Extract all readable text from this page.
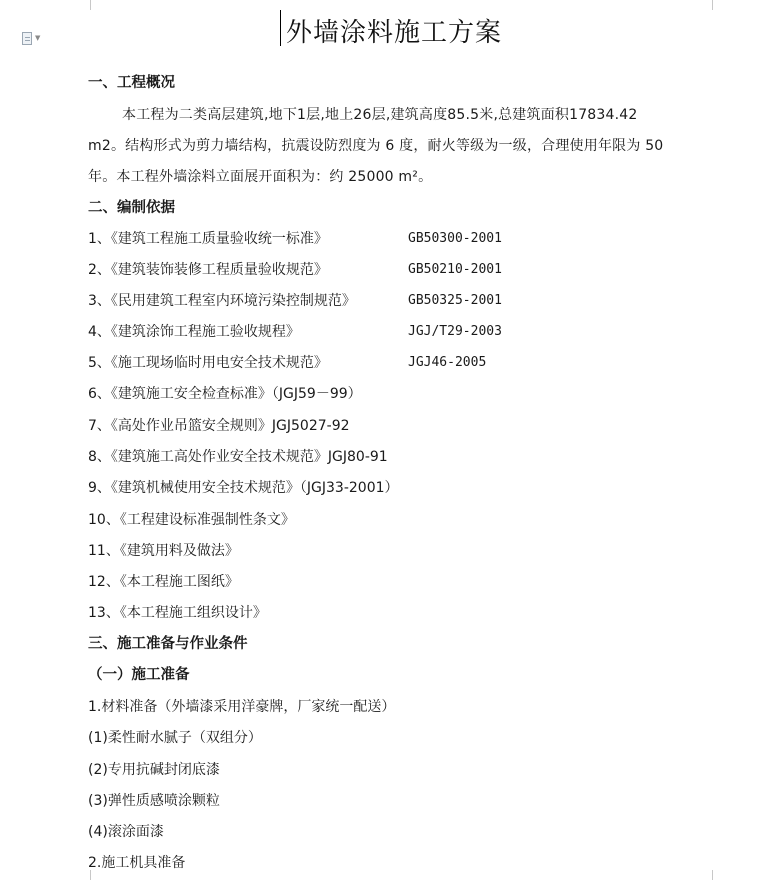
▼	外墙涂料施工方案
一、工程概况
本工程为二类高层建筑,地下1层,地上26层,建筑高度85.5米,总建筑面积17834.42
m2。结构形式为剪力墙结构，抗震设防烈度为 6 度，耐火等级为一级，合理使用年限为 50
年。本工程外墙涂料立面展开面积为：约 25000 m²。
二、编制依据
1、《建筑工程施工质量验收统一标准》	GB50300-2001
2、《建筑装饰装修工程质量验收规范》	GB50210-2001
3、《民用建筑工程室内环境污染控制规范》	GB50325-2001
4、《建筑涂饰工程施工验收规程》	JGJ/T29-2003
5、《施工现场临时用电安全技术规范》	JGJ46-2005
6、《建筑施工安全检查标准》（JGJ59－99）
7、《高处作业吊篮安全规则》JGJ5027-92
8、《建筑施工高处作业安全技术规范》JGJ80-91
9、《建筑机械使用安全技术规范》（JGJ33-2001）
10、《工程建设标准强制性条文》
11、《建筑用料及做法》
12、《本工程施工图纸》
13、《本工程施工组织设计》
三、施工准备与作业条件
（一）施工准备
1.材料准备（外墙漆采用洋豪牌，厂家统一配送）
(1)柔性耐水腻子（双组分）
(2)专用抗碱封闭底漆
(3)弹性质感喷涂颗粒
(4)滚涂面漆
2.施工机具准备
